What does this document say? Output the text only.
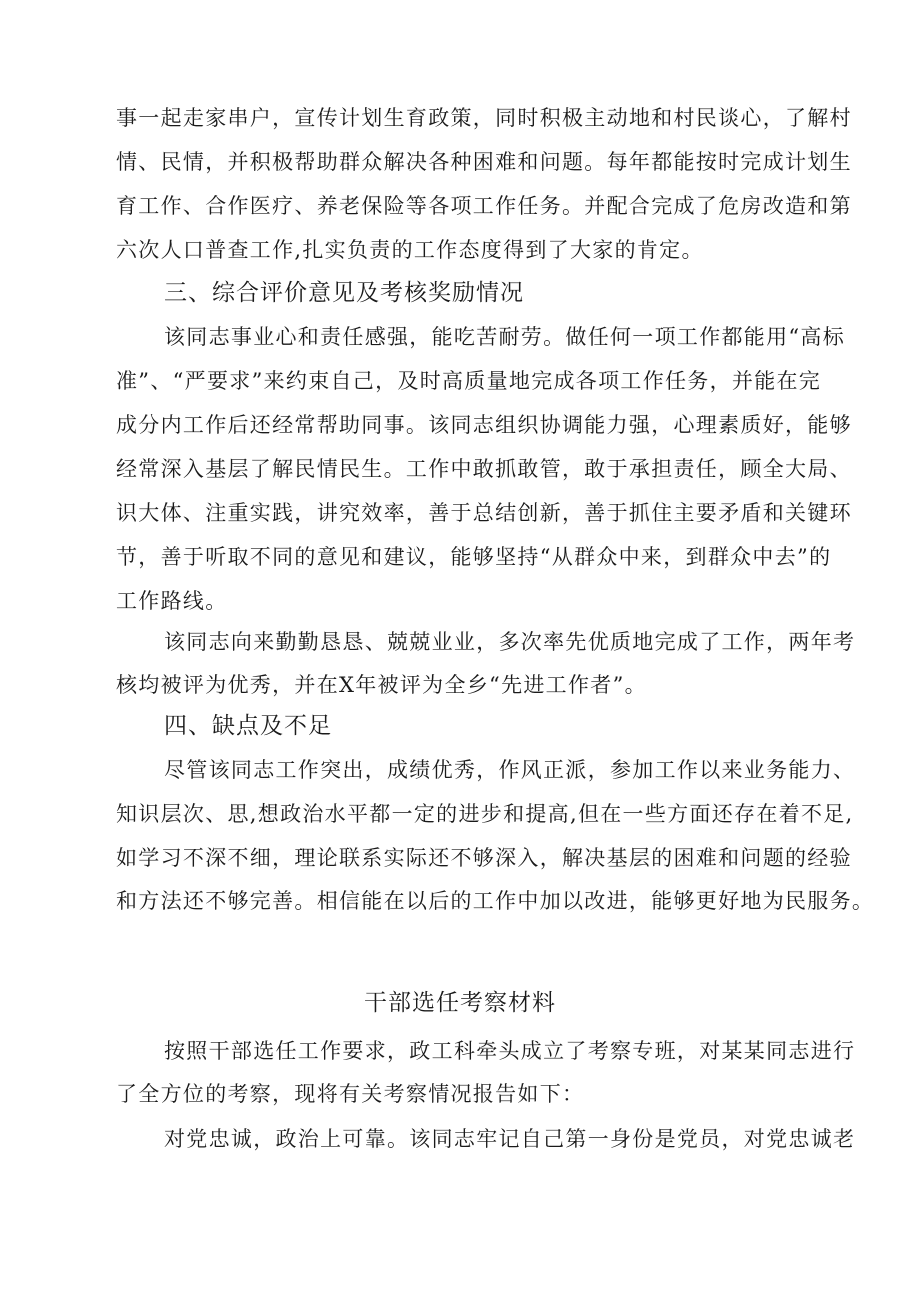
事一起走家串户，宣传计划生育政策，同时积极主动地和村民谈心，了解村
情、民情，并积极帮助群众解决各种困难和问题。每年都能按时完成计划生
育工作、合作医疗、养老保险等各项工作任务。并配合完成了危房改造和第
六次人口普查工作,扎实负责的工作态度得到了大家的肯定。
三、综合评价意见及考核奖励情况
该同志事业心和责任感强，能吃苦耐劳。做任何一项工作都能用“高标
准”、“严要求”来约束自己，及时高质量地完成各项工作任务，并能在完
成分内工作后还经常帮助同事。该同志组织协调能力强，心理素质好，能够
经常深入基层了解民情民生。工作中敢抓敢管，敢于承担责任，顾全大局、
识大体、注重实践，讲究效率，善于总结创新，善于抓住主要矛盾和关键环
节，善于听取不同的意见和建议，能够坚持“从群众中来，到群众中去”的
工作路线。
该同志向来勤勤恳恳、兢兢业业，多次率先优质地完成了工作，两年考
核均被评为优秀，并在X年被评为全乡“先进工作者”。
四、缺点及不足
尽管该同志工作突出，成绩优秀，作风正派，参加工作以来业务能力、
知识层次、思,想政治水平都一定的进步和提高,但在一些方面还存在着不足,
如学习不深不细，理论联系实际还不够深入，解决基层的困难和问题的经验
和方法还不够完善。相信能在以后的工作中加以改进，能够更好地为民服务。
干部选任考察材料
按照干部选任工作要求，政工科牵头成立了考察专班，对某某同志进行
了全方位的考察，现将有关考察情况报告如下：
对党忠诚，政治上可靠。该同志牢记自己第一身份是党员，对党忠诚老
